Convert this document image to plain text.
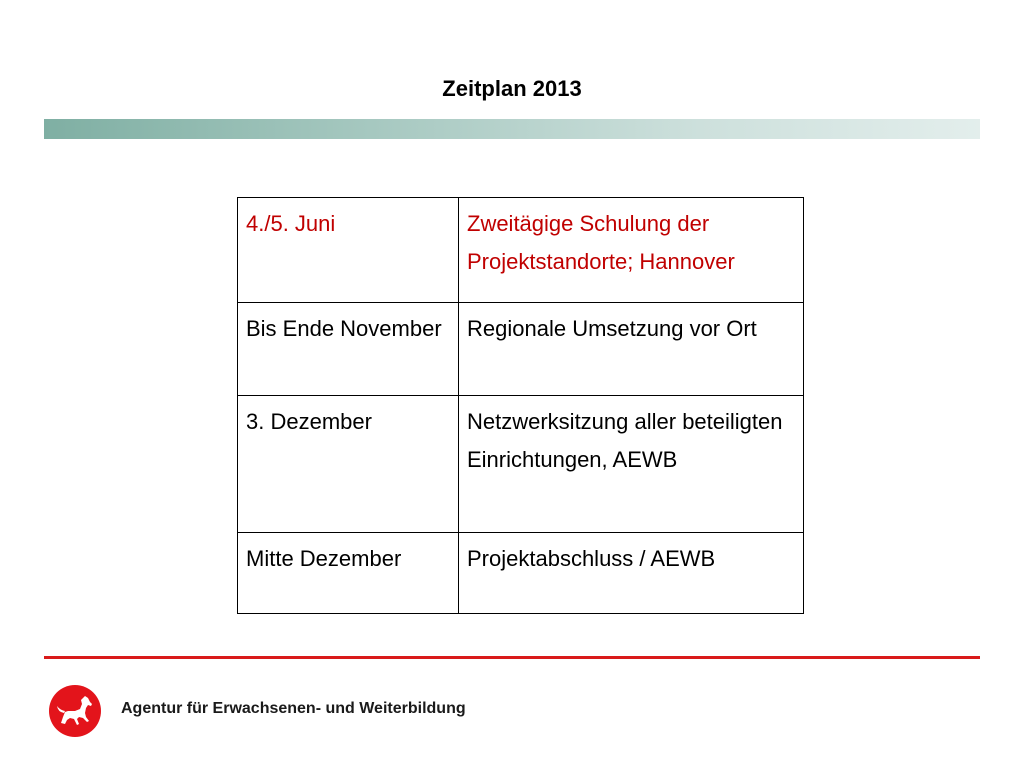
Zeitplan 2013
4./5. Juni	Zweitägige Schulung der Projektstandorte; Hannover
Bis Ende November	Regionale Umsetzung vor Ort
3. Dezember	Netzwerksitzung aller beteiligten Einrichtungen, AEWB
Mitte Dezember	Projektabschluss / AEWB
Agentur für Erwachsenen- und Weiterbildung
